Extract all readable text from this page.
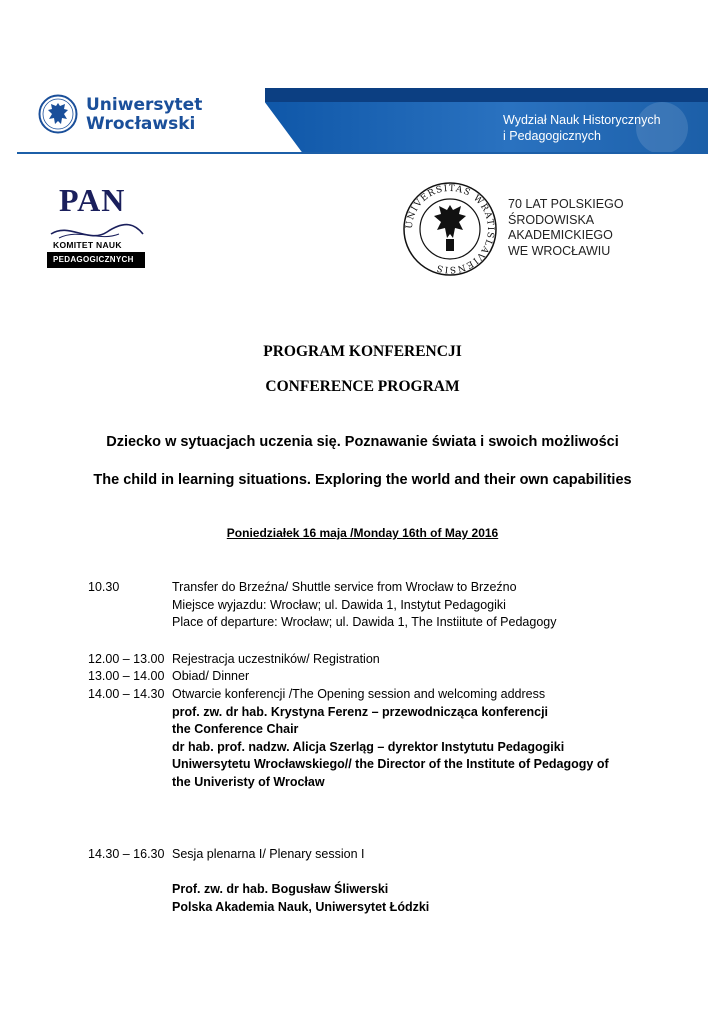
Uniwersytet
Wrocławski	Wydział Nauk Historycznych
i Pedagogicznych
PAN
KOMITET NAUK
PEDAGOGICZNYCH
UNIVERSITAS WRATISLAVIENSIS
70 LAT POLSKIEGO
ŚRODOWISKA
AKADEMICKIEGO
WE WROCŁAWIU
PROGRAM KONFERENCJI
CONFERENCE PROGRAM
Dziecko w sytuacjach uczenia się. Poznawanie świata i swoich możliwości
The child in learning situations. Exploring the world and their own capabilities
Poniedziałek 16 maja /Monday 16th of May 2016
10.30	Transfer do Brzeźna/ Shuttle service from Wrocław to Brzeźno
Miejsce wyjazdu: Wrocław; ul. Dawida 1, Instytut Pedagogiki
Place of departure: Wrocław; ul. Dawida 1, The Instiitute of Pedagogy
12.00 – 13.00 Rejestracja uczestników/ Registration
13.00 – 14.00 Obiad/ Dinner
14.00 – 14.30 Otwarcie konferencji /The Opening session and welcoming address
prof. zw. dr hab. Krystyna Ferenz – przewodnicząca konferencji
the Conference Chair
dr hab. prof. nadzw. Alicja Szerląg – dyrektor Instytutu Pedagogiki
Uniwersytetu Wrocławskiego// the Director of the Institute of Pedagogy of
the Univeristy of Wrocław
14.30 – 16.30 Sesja plenarna I/ Plenary session I
Prof. zw. dr hab. Bogusław Śliwerski
Polska Akademia Nauk, Uniwersytet Łódzki
